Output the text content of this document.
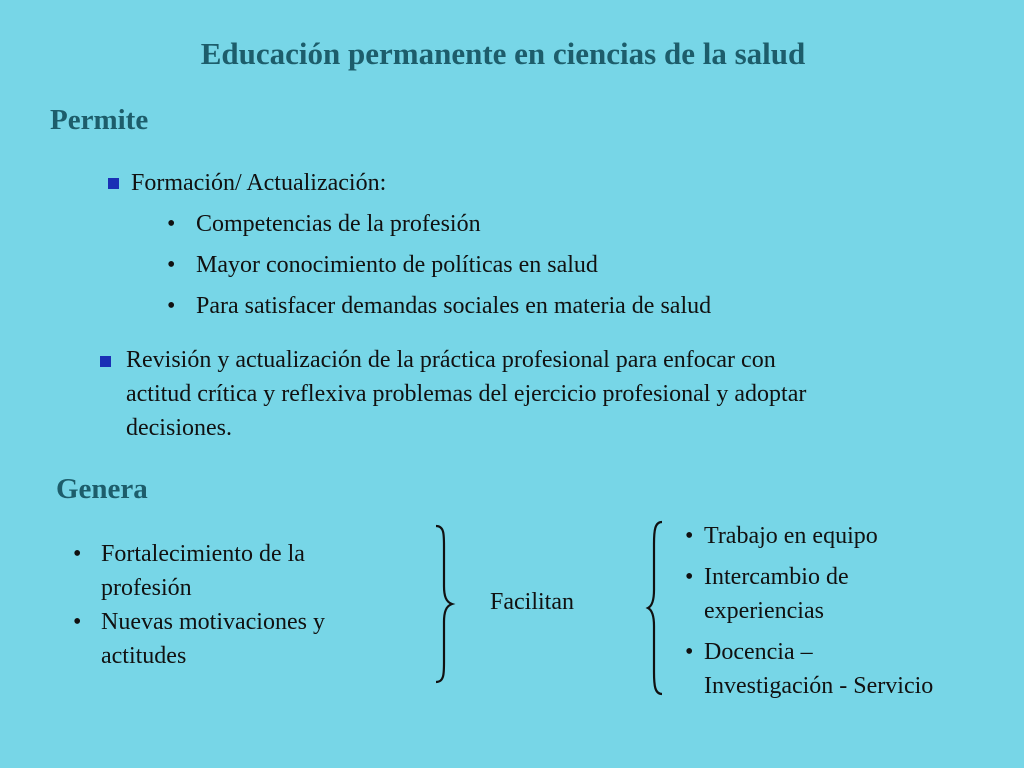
Educación permanente en ciencias de la salud
Permite
Formación/ Actualización:
• Competencias de la profesión
• Mayor conocimiento de políticas en salud
• Para satisfacer demandas sociales en materia de salud
Revisión y actualización de la práctica profesional para enfocar con
actitud crítica y reflexiva problemas del ejercicio profesional y adoptar
decisiones.
Genera
• Fortalecimiento de la
profesión
• Nuevas motivaciones y
actitudes
Facilitan
• Trabajo en equipo
• Intercambio de
experiencias
• Docencia –
Investigación - Servicio
